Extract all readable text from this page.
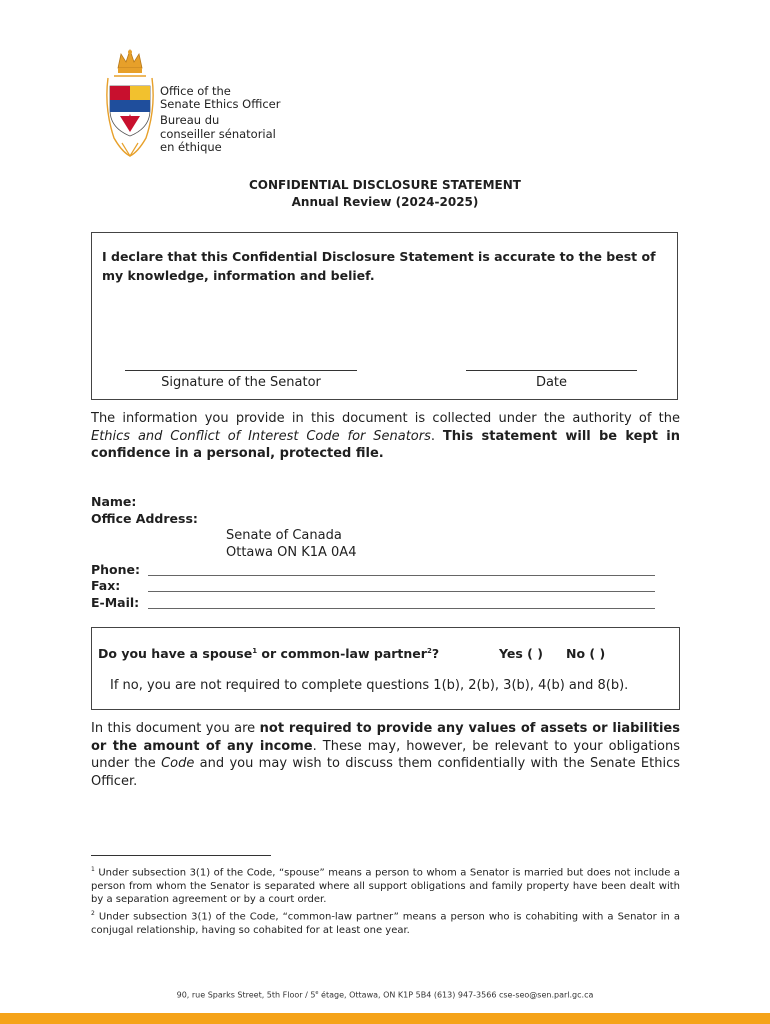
Office of the
Senate Ethics Officer
Bureau du
conseiller sénatorial
en éthique
CONFIDENTIAL DISCLOSURE STATEMENT
Annual Review (2024-2025)
I declare that this Confidential Disclosure Statement is accurate to the best of my knowledge, information and belief.
Signature of the Senator	Date
The information you provide in this document is collected under the authority of the Ethics and Conflict of Interest Code for Senators. This statement will be kept in confidence in a personal, protected file.
Name:
Office Address:
Senate of Canada
Ottawa ON K1A 0A4
Phone:
Fax:
E-Mail:
Do you have a spouse$^1$ or common-law partner$^2$?	Yes ( ) No ( )
If no, you are not required to complete questions 1(b), 2(b), 3(b), 4(b) and 8(b).
In this document you are not required to provide any values of assets or liabilities or the amount of any income. These may, however, be relevant to your obligations under the Code and you may wish to discuss them confidentially with the Senate Ethics Officer.
$^1$ Under subsection 3(1) of the Code, “spouse” means a person to whom a Senator is married but does not include a person from whom the Senator is separated where all support obligations and family property have been dealt with by a separation agreement or by a court order.
$^2$ Under subsection 3(1) of the Code, “common-law partner” means a person who is cohabiting with a Senator in a conjugal relationship, having so cohabited for at least one year.
90, rue Sparks Street, 5th Floor / 5e étage, Ottawa, ON K1P 5B4 (613) 947-3566 cse-seo@sen.parl.gc.ca
